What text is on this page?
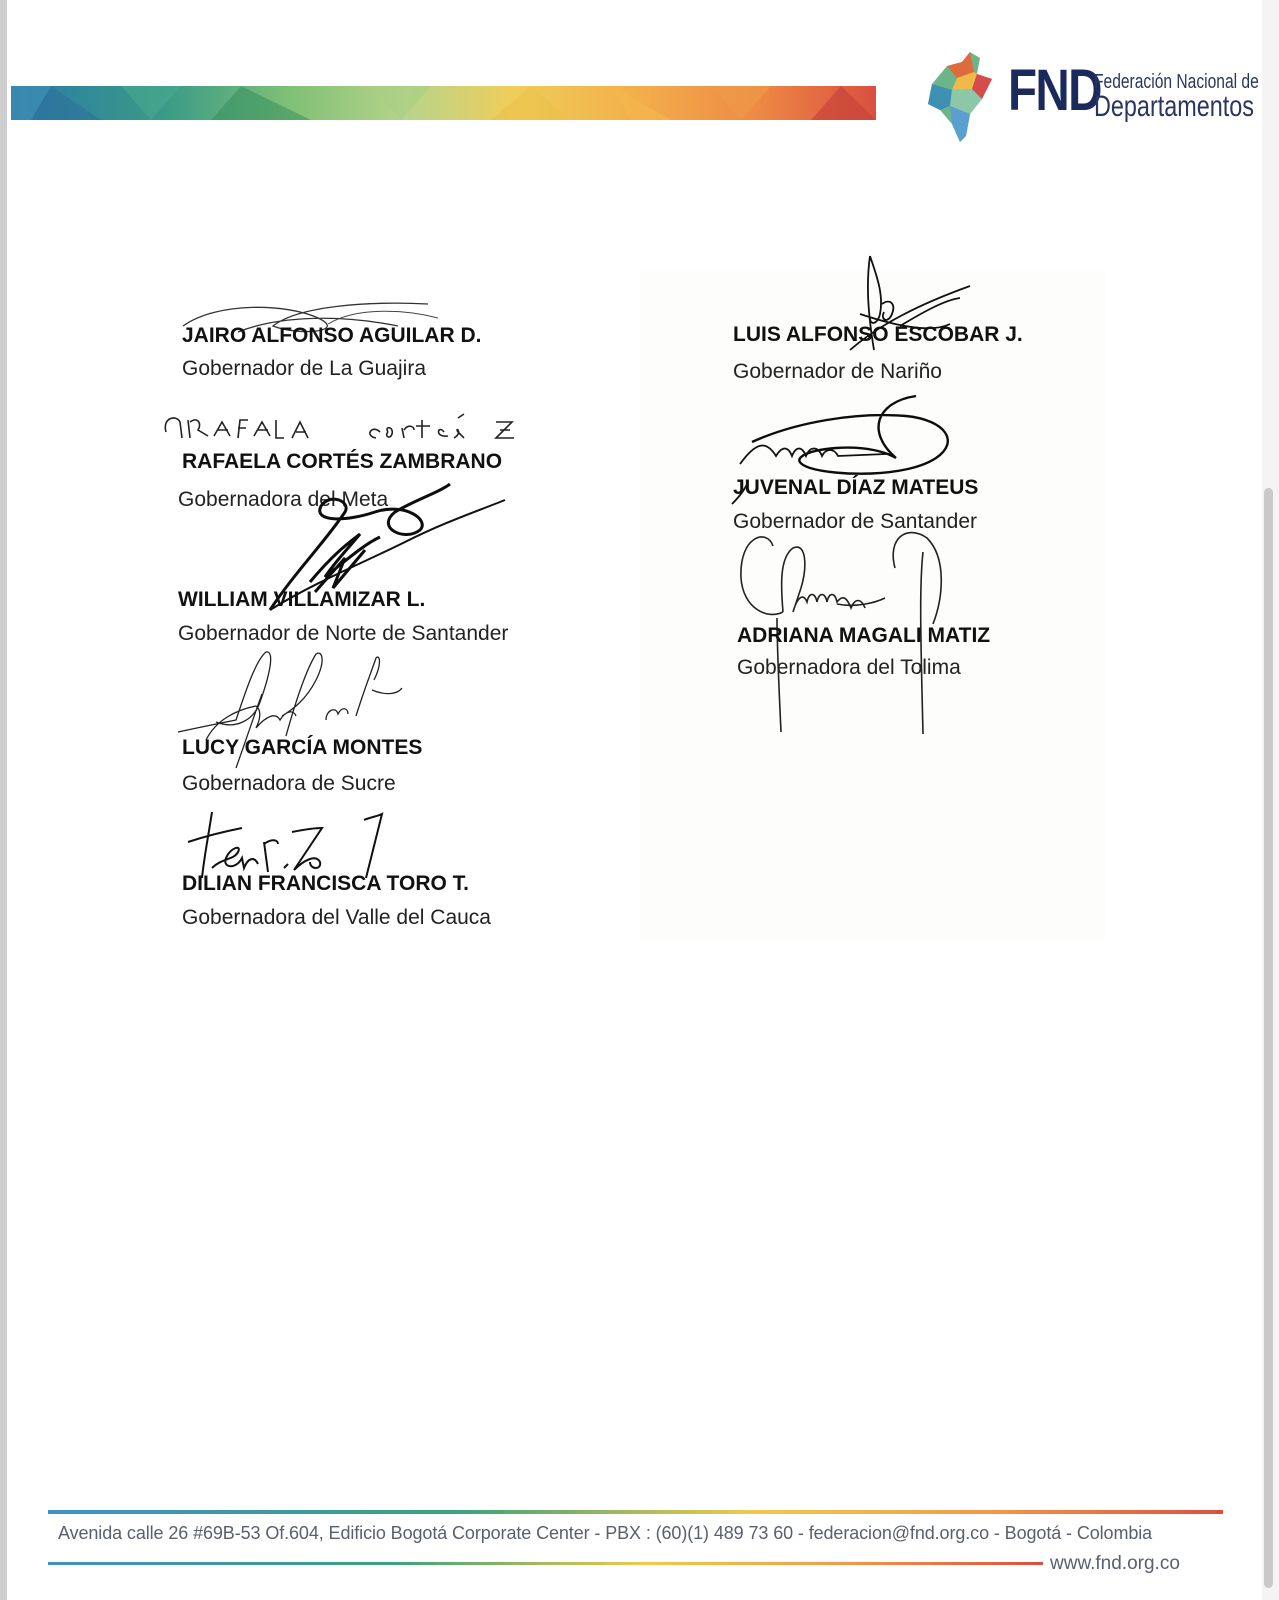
FND
Federación Nacional de
Departamentos
JAIRO ALFONSO AGUILAR D.
Gobernador de La Guajira
RAFAELA CORTÉS ZAMBRANO
Gobernadora del Meta
WILLIAM VILLAMIZAR L.
Gobernador de Norte de Santander
LUCY GARCÍA MONTES
Gobernadora de Sucre
DILIAN FRANCISCA TORO T.
Gobernadora del Valle del Cauca
LUIS ALFONSO ESCOBAR J.
Gobernador de Nariño
JUVENAL DÍAZ MATEUS
Gobernador de Santander
ADRIANA MAGALI MATIZ
Gobernadora del Tolima
Avenida calle 26 #69B-53 Of.604, Edificio Bogotá Corporate Center - PBX : (60)(1) 489 73 60 - federacion@fnd.org.co - Bogotá - Colombia
www.fnd.org.co
